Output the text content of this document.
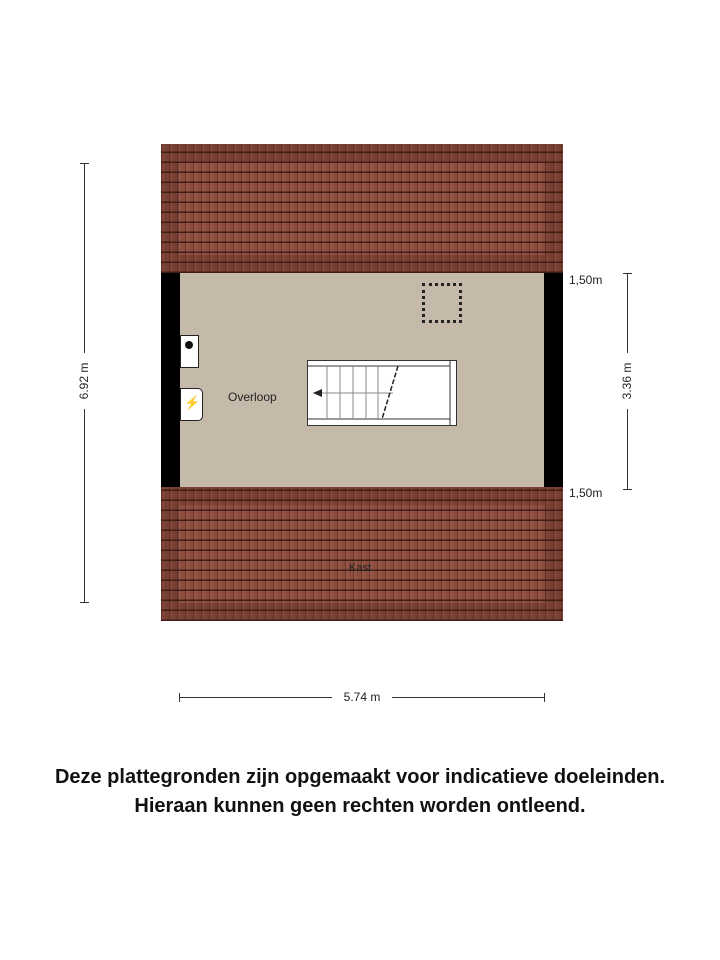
⚡ Overloop
Kast
6.92 m	3.36 m
1,50m
1,50m
5.74 m
Deze plattegronden zijn opgemaakt voor indicatieve doeleinden.
Hieraan kunnen geen rechten worden ontleend.
